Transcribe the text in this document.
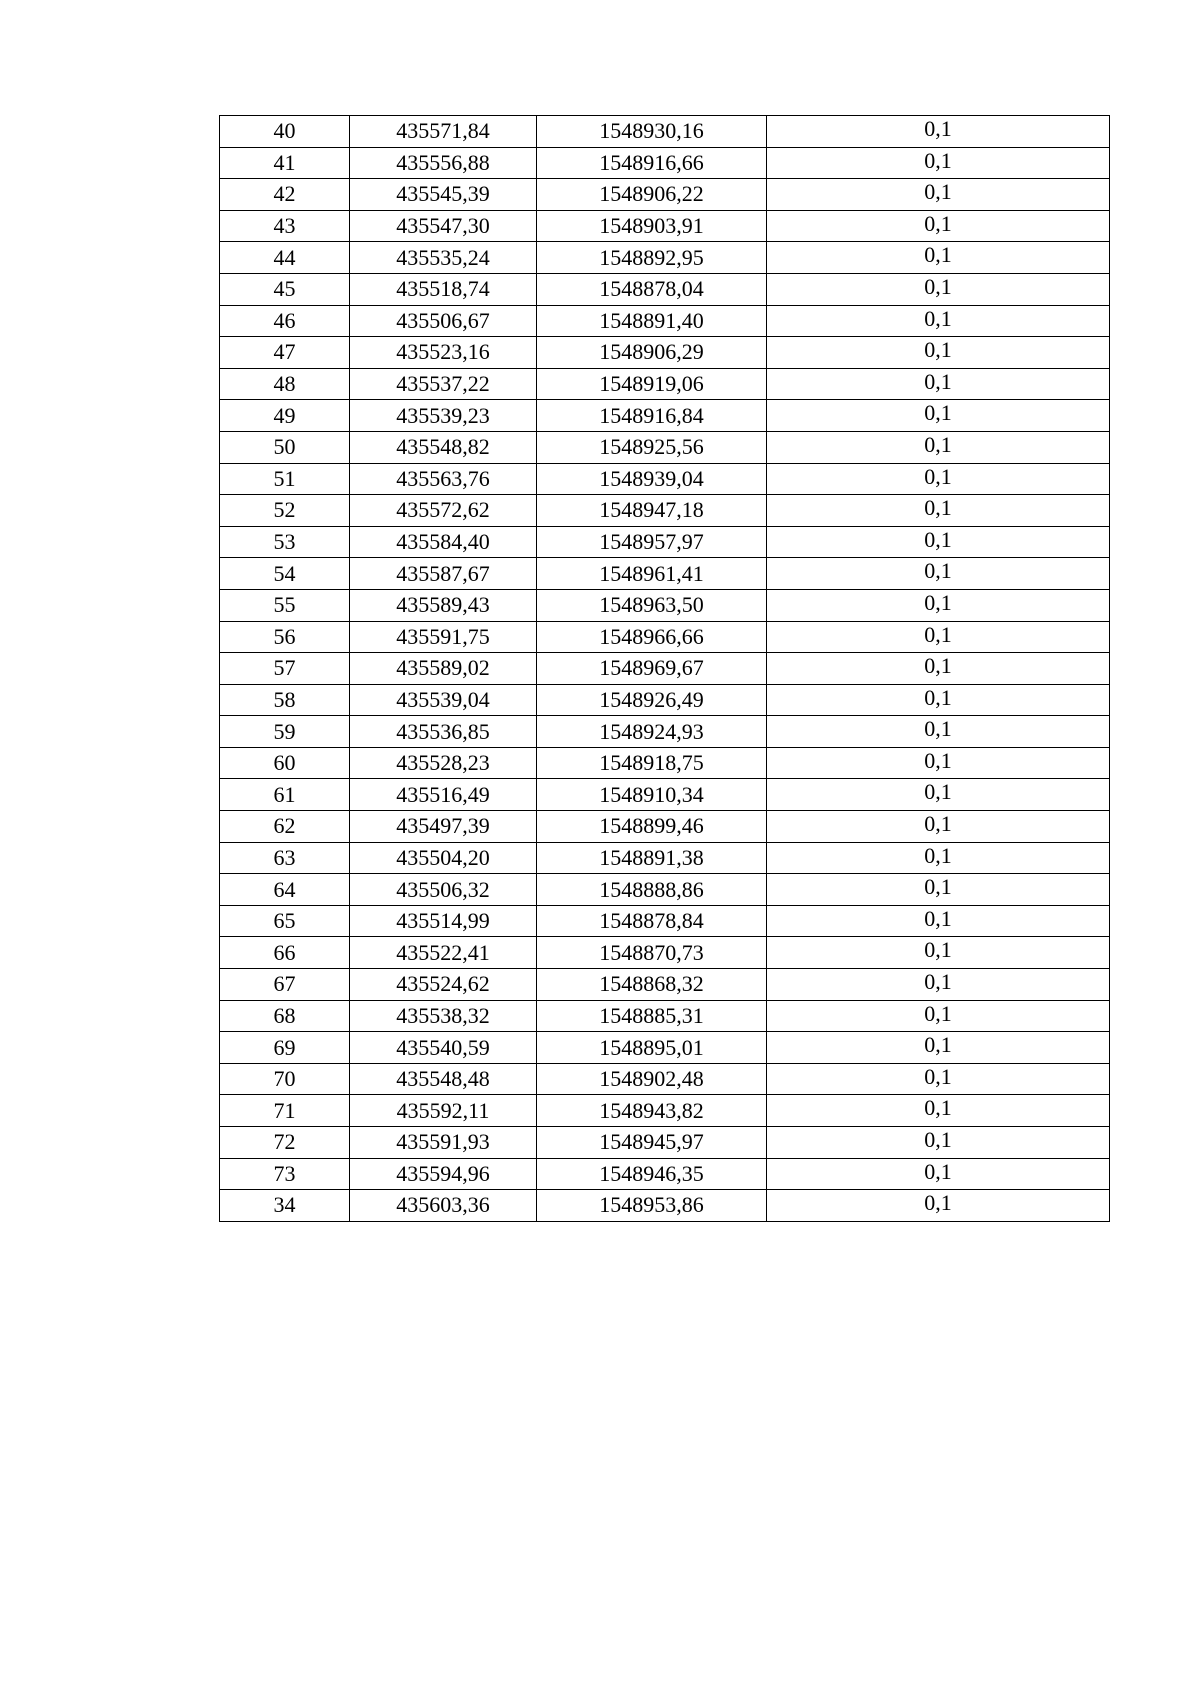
40	435571,84	1548930,16	0,1
41	435556,88	1548916,66	0,1
42	435545,39	1548906,22	0,1
43	435547,30	1548903,91	0,1
44	435535,24	1548892,95	0,1
45	435518,74	1548878,04	0,1
46	435506,67	1548891,40	0,1
47	435523,16	1548906,29	0,1
48	435537,22	1548919,06	0,1
49	435539,23	1548916,84	0,1
50	435548,82	1548925,56	0,1
51	435563,76	1548939,04	0,1
52	435572,62	1548947,18	0,1
53	435584,40	1548957,97	0,1
54	435587,67	1548961,41	0,1
55	435589,43	1548963,50	0,1
56	435591,75	1548966,66	0,1
57	435589,02	1548969,67	0,1
58	435539,04	1548926,49	0,1
59	435536,85	1548924,93	0,1
60	435528,23	1548918,75	0,1
61	435516,49	1548910,34	0,1
62	435497,39	1548899,46	0,1
63	435504,20	1548891,38	0,1
64	435506,32	1548888,86	0,1
65	435514,99	1548878,84	0,1
66	435522,41	1548870,73	0,1
67	435524,62	1548868,32	0,1
68	435538,32	1548885,31	0,1
69	435540,59	1548895,01	0,1
70	435548,48	1548902,48	0,1
71	435592,11	1548943,82	0,1
72	435591,93	1548945,97	0,1
73	435594,96	1548946,35	0,1
34	435603,36	1548953,86	0,1
